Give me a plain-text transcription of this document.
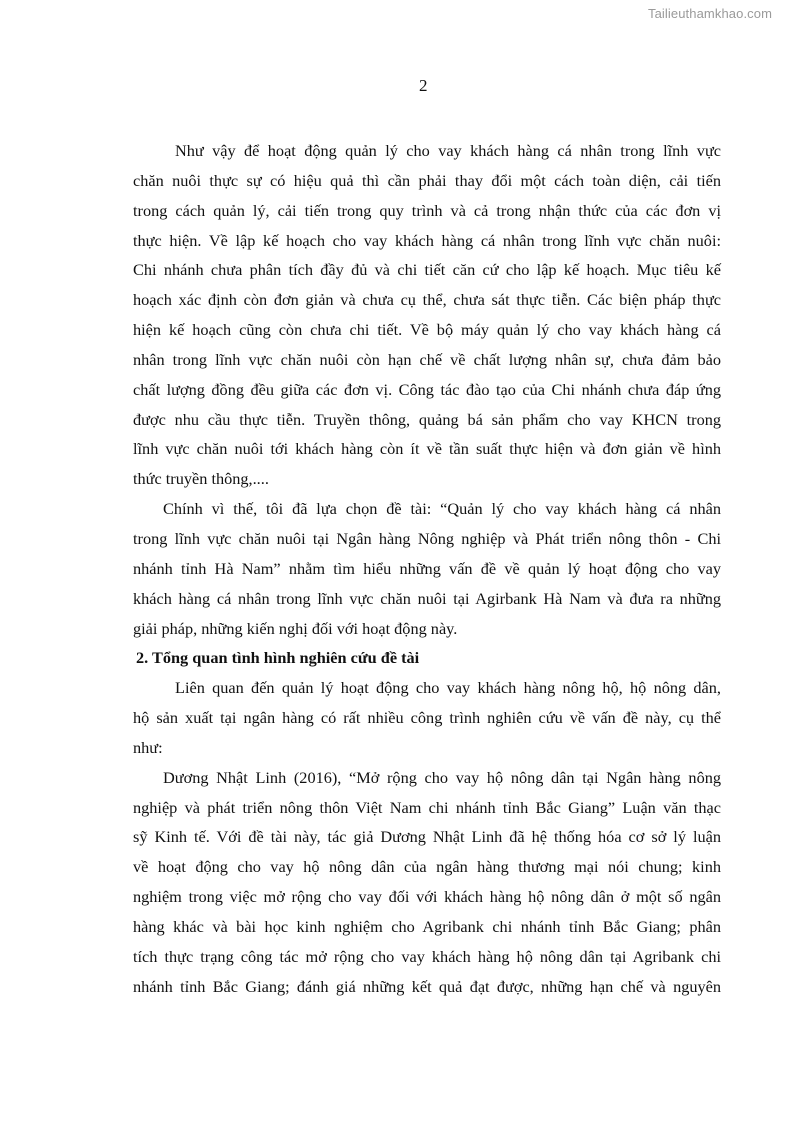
Tailieuthamkhao.com
2
Như vậy để hoạt động quản lý cho vay khách hàng cá nhân trong lĩnh vực
chăn nuôi thực sự có hiệu quả thì cần phải thay đổi một cách toàn diện, cải tiến
trong cách quản lý, cải tiến trong quy trình và cả trong nhận thức của các đơn vị
thực hiện. Về lập kế hoạch cho vay khách hàng cá nhân trong lĩnh vực chăn nuôi:
Chi nhánh chưa phân tích đầy đủ và chi tiết căn cứ cho lập kế hoạch. Mục tiêu kế
hoạch xác định còn đơn giản và chưa cụ thể, chưa sát thực tiễn. Các biện pháp thực
hiện kế hoạch cũng còn chưa chi tiết. Về bộ máy quản lý cho vay khách hàng cá
nhân trong lĩnh vực chăn nuôi còn hạn chế về chất lượng nhân sự, chưa đảm bảo
chất lượng đồng đều giữa các đơn vị. Công tác đào tạo của Chi nhánh chưa đáp ứng
được nhu cầu thực tiễn. Truyền thông, quảng bá sản phẩm cho vay KHCN trong
lĩnh vực chăn nuôi tới khách hàng còn ít về tần suất thực hiện và đơn giản về hình
thức truyền thông,....
Chính vì thế, tôi đã lựa chọn đề tài: “Quản lý cho vay khách hàng cá nhân
trong lĩnh vực chăn nuôi tại Ngân hàng Nông nghiệp và Phát triển nông thôn - Chi
nhánh tỉnh Hà Nam” nhằm tìm hiểu những vấn đề về quản lý hoạt động cho vay
khách hàng cá nhân trong lĩnh vực chăn nuôi tại Agirbank Hà Nam và đưa ra những
giải pháp, những kiến nghị đối với hoạt động này.
2. Tổng quan tình hình nghiên cứu đề tài
Liên quan đến quản lý hoạt động cho vay khách hàng nông hộ, hộ nông dân,
hộ sản xuất tại ngân hàng có rất nhiều công trình nghiên cứu về vấn đề này, cụ thể
như:
Dương Nhật Linh (2016), “Mở rộng cho vay hộ nông dân tại Ngân hàng nông
nghiệp và phát triển nông thôn Việt Nam chi nhánh tỉnh Bắc Giang” Luận văn thạc
sỹ Kinh tế. Với đề tài này, tác giả Dương Nhật Linh đã hệ thống hóa cơ sở lý luận
về hoạt động cho vay hộ nông dân của ngân hàng thương mại nói chung; kinh
nghiệm trong việc mở rộng cho vay đối với khách hàng hộ nông dân ở một số ngân
hàng khác và bài học kinh nghiệm cho Agribank chi nhánh tỉnh Bắc Giang; phân
tích thực trạng công tác mở rộng cho vay khách hàng hộ nông dân tại Agribank chi
nhánh tỉnh Bắc Giang; đánh giá những kết quả đạt được, những hạn chế và nguyên
